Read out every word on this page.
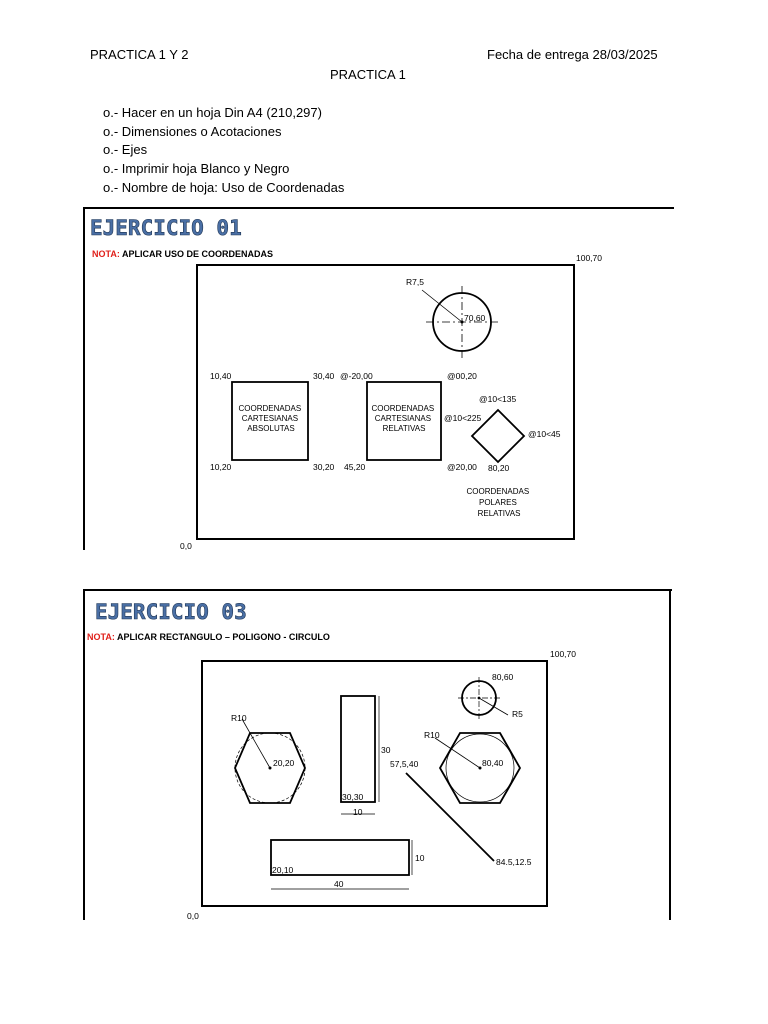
PRACTICA 1 Y 2	Fecha de entrega 28/03/2025
PRACTICA 1
o.- Hacer en un hoja Din A4 (210,297)
o.- Dimensiones o Acotaciones
o.- Ejes
o.- Imprimir hoja Blanco y Negro
o.- Nombre de hoja: Uso de Coordenadas
EJERCICIO 01
NOTA: APLICAR USO DE COORDENADAS	100,70
0,0
R7,5
70,60
COORDENADAS CARTESIANAS ABSOLUTAS
10,40	30,40
10,20	30,20
COORDENADAS CARTESIANAS RELATIVAS
@-20,00	@00,20
45,20	@20,00
@10<135
@10<225
@10<45
80,20
COORDENADAS POLARES RELATIVAS
EJERCICIO 03
NOTA: APLICAR RECTANGULO – POLIGONO - CIRCULO
100,70
0,0
R10
20,20
30
10
30,30
80,60
R5
R10
80,40
57,5,40
84.5,12.5
20,10
10
40
